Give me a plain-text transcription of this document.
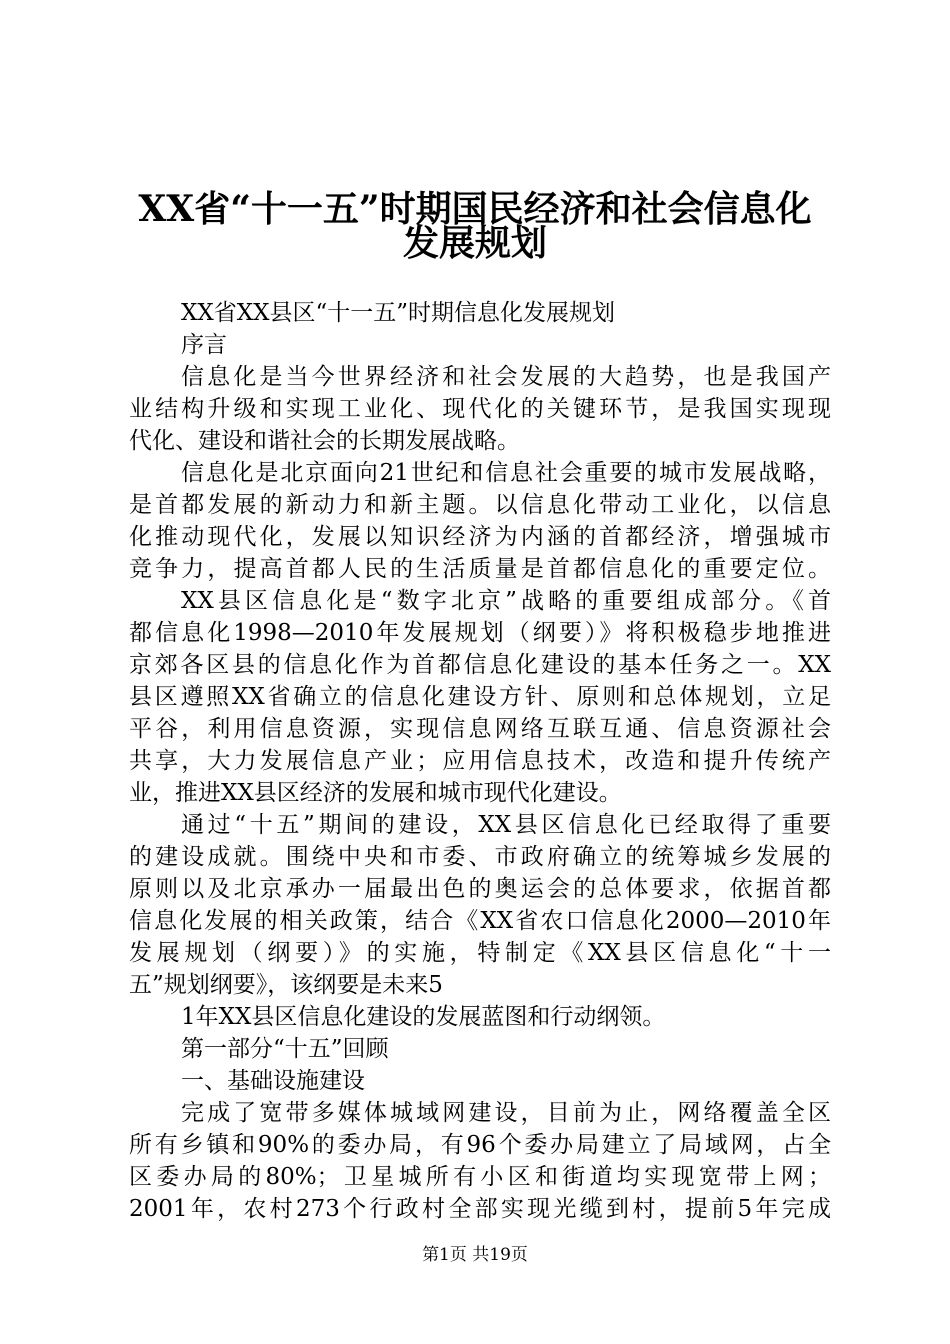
XX省“十一五”时期国民经济和社会信息化
发展规划
XX省XX县区“十一五”时期信息化发展规划
序言
信息化是当今世界经济和社会发展的大趋势，也是我国产
业结构升级和实现工业化、现代化的关键环节，是我国实现现
代化、建设和谐社会的长期发展战略。
信息化是北京面向21世纪和信息社会重要的城市发展战略，
是首都发展的新动力和新主题。以信息化带动工业化，以信息
化推动现代化，发展以知识经济为内涵的首都经济，增强城市
竞争力，提高首都人民的生活质量是首都信息化的重要定位。
XX县区信息化是“数字北京”战略的重要组成部分。《首
都信息化1998—2010年发展规划（纲要）》将积极稳步地推进
京郊各区县的信息化作为首都信息化建设的基本任务之一。XX
县区遵照XX省确立的信息化建设方针、原则和总体规划，立足
平谷，利用信息资源，实现信息网络互联互通、信息资源社会
共享，大力发展信息产业；应用信息技术，改造和提升传统产
业，推进XX县区经济的发展和城市现代化建设。
通过“十五”期间的建设，XX县区信息化已经取得了重要
的建设成就。围绕中央和市委、市政府确立的统筹城乡发展的
原则以及北京承办一届最出色的奥运会的总体要求，依据首都
信息化发展的相关政策，结合《XX省农口信息化2000—2010年
发展规划（纲要）》的实施，特制定《XX县区信息化“十一
五”规划纲要》，该纲要是未来5
1年XX县区信息化建设的发展蓝图和行动纲领。
第一部分“十五”回顾
一、基础设施建设
完成了宽带多媒体城域网建设，目前为止，网络覆盖全区
所有乡镇和90%的委办局，有96个委办局建立了局域网，占全
区委办局的80%；卫星城所有小区和街道均实现宽带上网；
2001年，农村273个行政村全部实现光缆到村，提前5年完成
第1页 共19页
